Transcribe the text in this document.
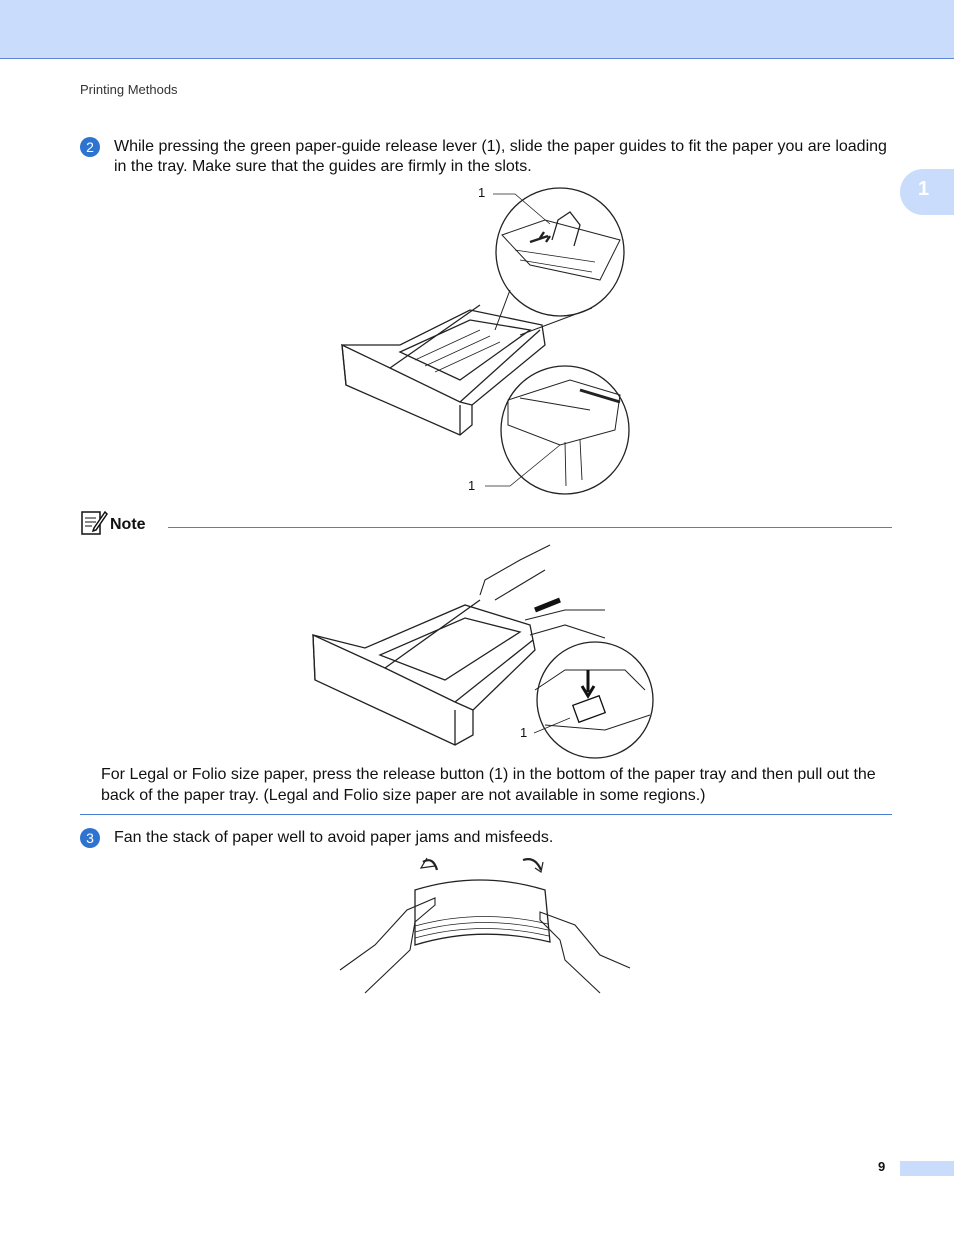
Printing Methods
1
2	While pressing the green paper-guide release lever (1), slide the paper guides to fit the paper you are loading in the tray. Make sure that the guides are firmly in the slots.
1
1
Note
1
For Legal or Folio size paper, press the release button (1) in the bottom of the paper tray and then pull out the back of the paper tray. (Legal and Folio size paper are not available in some regions.)
3	Fan the stack of paper well to avoid paper jams and misfeeds.
9
